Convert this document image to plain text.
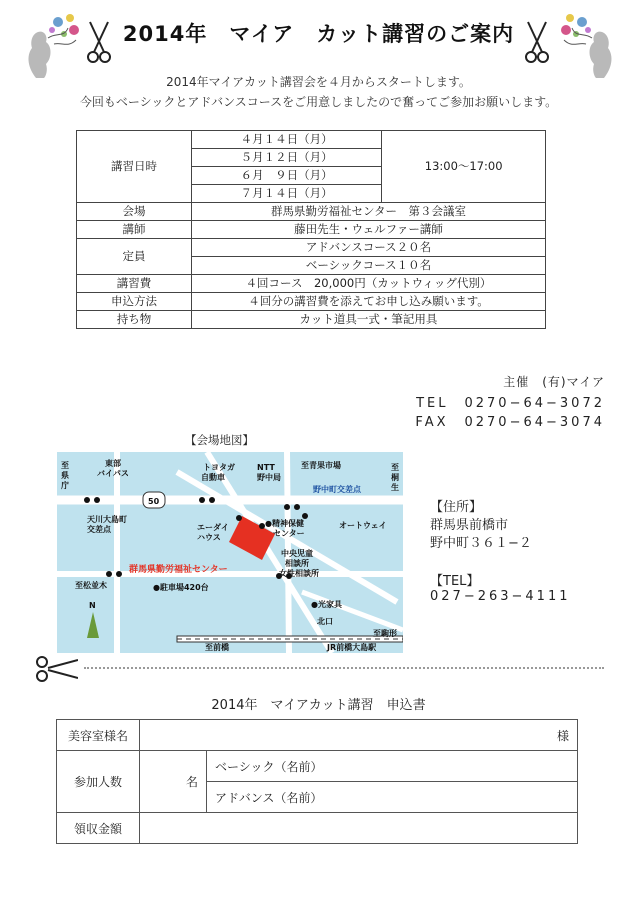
2014年　マイア　カット講習のご案内
2014年マイアカット講習会を４月からスタートします。
今回もベーシックとアドバンスコースをご用意しましたので奮ってご参加お願いします。
講習日時	４月１４日（月）	13:00～17:00
	５月１２日（月）	
	６月　９日（月）	
	７月１４日（月）	
会場	群馬県勤労福祉センター　第３会議室	
講師	藤田先生・ウェルファー講師	
定員	アドバンスコース２０名	
	ベーシックコース１０名	
講習費	４回コース　20,000円（カットウィッグ代別）	
申込方法	４回分の講習費を添えてお申し込み願います。	
持ち物	カット道具一式・筆記用具	
主催　(有)マイア
TEL　0270−64−3072
FAX　0270−64−3074
【会場地図】
東部
バイパス
トヨタガ
自動車
NTT
野中局
至青果市場
至
県
庁
至
桐
生
50
野中町交差点
天川大島町
交差点	エーダイ
ハウス
●精神保健
センター
オートウェイ
群馬県勤労福祉センター
中央児童
相談所
女性相談所
至松並木	●駐車場420台
●光家具
北口
至駒形
至前橋	JR前橋大島駅
N
【住所】
群馬県前橋市
野中町３６１−２
【TEL】
027−263−4111
2014年　マイアカット講習　申込書
美容室様名	様		
参加人数		名	ベーシック（名前）
			アドバンス（名前）
領収金額			
